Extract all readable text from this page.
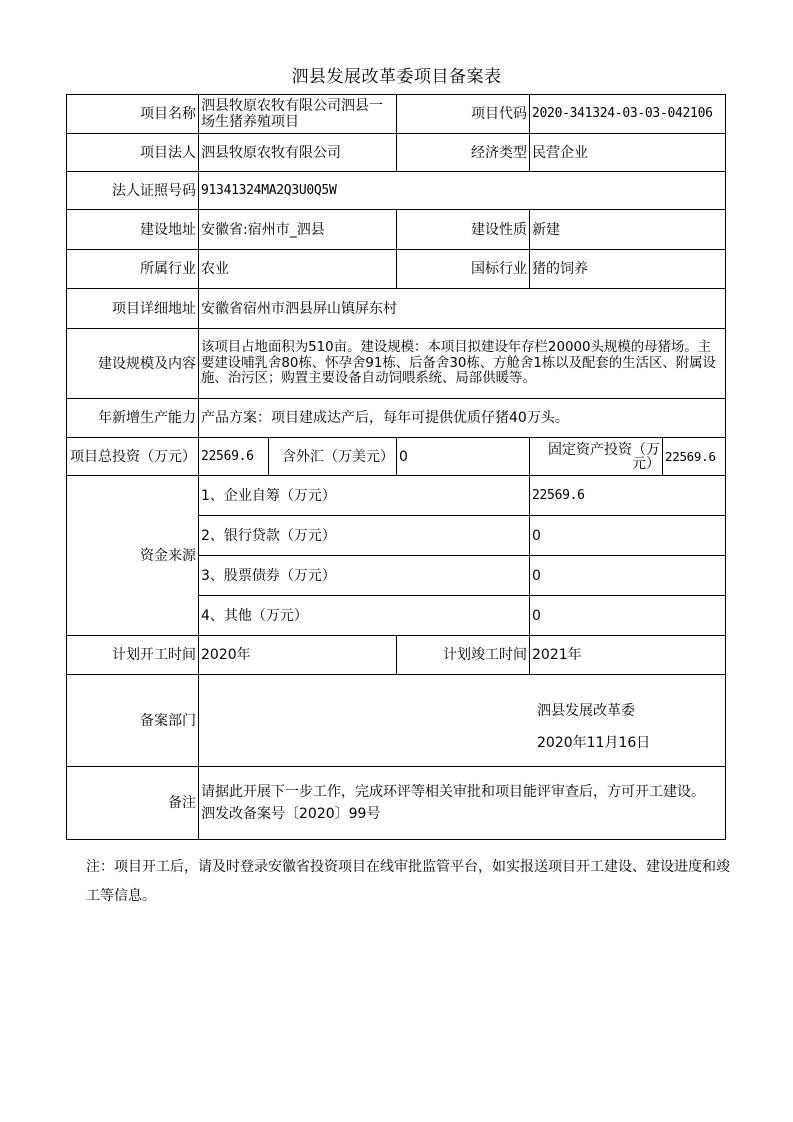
泗县发展改革委项目备案表
项目名称	泗县牧原农牧有限公司泗县一场生猪养殖项目		项目代码	2020-341324-03-03-042106	
项目法人	泗县牧原农牧有限公司		经济类型	民营企业	
法人证照号码	91341324MA2Q3U0Q5W				
建设地址	安徽省:宿州市_泗县		建设性质	新建	
所属行业	农业		国标行业	猪的饲养	
项目详细地址	安徽省宿州市泗县屏山镇屏东村				
建设规模及内容	该项目占地面积为510亩。建设规模：本项目拟建设年存栏20000头规模的母猪场。主要建设哺乳舍80栋、怀孕舍91栋、后备舍30栋、方舱舍1栋以及配套的生活区、附属设施、治污区；购置主要设备自动饲喂系统、局部供暖等。				
年新增生产能力	产品方案：项目建成达产后，每年可提供优质仔猪40万头。				
项目总投资（万元）	22569.6	含外汇（万美元）	0	固定资产投资（万元）	22569.6
资金来源	1、企业自筹（万元）			22569.6	
	2、银行贷款（万元）			0	
	3、股票债券（万元）			0	
	4、其他（万元）			0	
计划开工时间	2020年		计划竣工时间	2021年	
备案部门	泗县发展改革委
2020年11月16日				

备注	请据此开展下一步工作，完成环评等相关审批和项目能评审查后，方可开工建设。
泗发改备案号〔2020〕99号				
注：项目开工后，请及时登录安徽省投资项目在线审批监管平台，如实报送项目开工建设、建设进度和竣工等信息。
